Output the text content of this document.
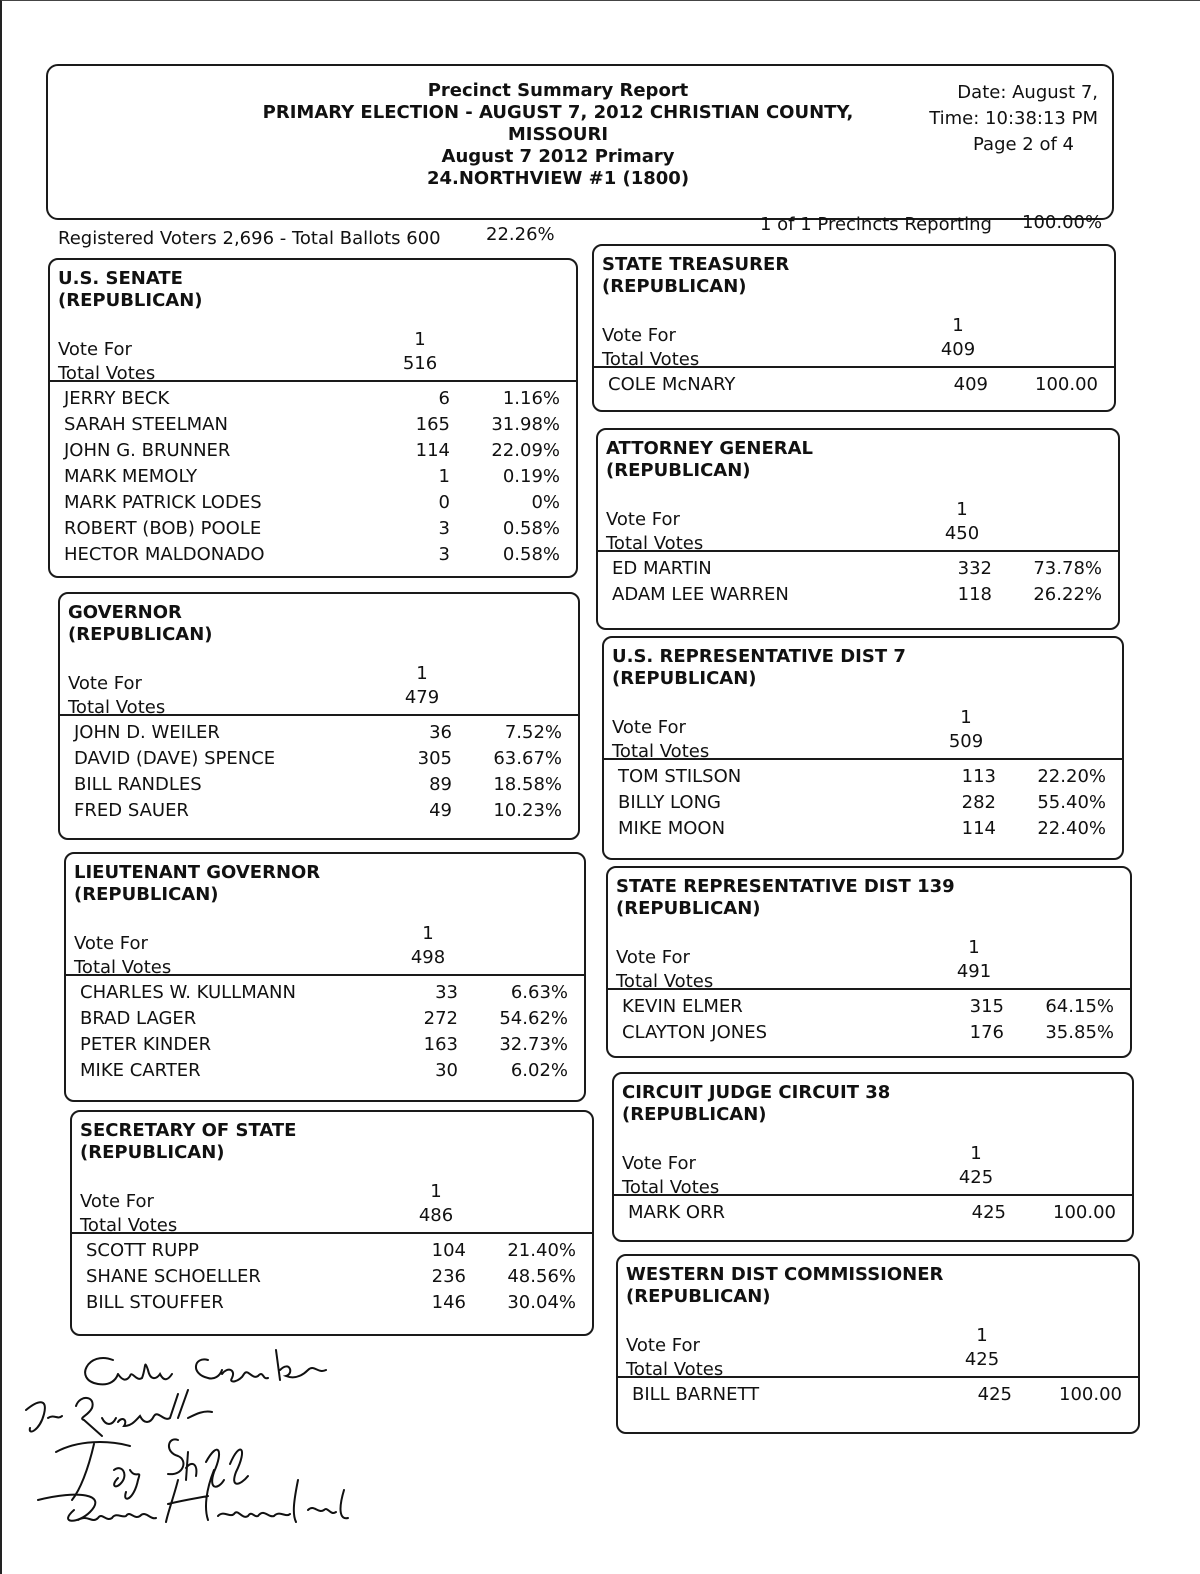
Precinct Summary Report
PRIMARY ELECTION - AUGUST 7, 2012 CHRISTIAN COUNTY,
MISSOURI
August 7 2012 Primary
24.NORTHVIEW #1 (1800)
Date: August 7,
Time: 10:38:13 PM
Page 2 of 4
Registered Voters 2,696 - Total Ballots 600	22.26%	1 of 1 Precincts Reporting 100.00%
U.S. SENATE
(REPUBLICAN)
Vote For
Total Votes
1
516
JERRY BECK	6	1.16%
SARAH STEELMAN	165	31.98%
JOHN G. BRUNNER	114	22.09%
MARK MEMOLY	1	0.19%
MARK PATRICK LODES	0	0%
ROBERT (BOB) POOLE	3	0.58%
HECTOR MALDONADO	3	0.58%
GOVERNOR
(REPUBLICAN)
Vote For
Total Votes
1
479
JOHN D. WEILER	36	7.52%
DAVID (DAVE) SPENCE	305	63.67%
BILL RANDLES	89	18.58%
FRED SAUER	49	10.23%
LIEUTENANT GOVERNOR
(REPUBLICAN)
Vote For
Total Votes
1
498
CHARLES W. KULLMANN	33	6.63%
BRAD LAGER	272	54.62%
PETER KINDER	163	32.73%
MIKE CARTER	30	6.02%
SECRETARY OF STATE
(REPUBLICAN)
Vote For
Total Votes
1
486
SCOTT RUPP	104	21.40%
SHANE SCHOELLER	236	48.56%
BILL STOUFFER	146	30.04%
STATE TREASURER
(REPUBLICAN)
Vote For
Total Votes
1
409
COLE McNARY	409	100.00
ATTORNEY GENERAL
(REPUBLICAN)
Vote For
Total Votes
1
450
ED MARTIN	332	73.78%
ADAM LEE WARREN	118	26.22%
U.S. REPRESENTATIVE DIST 7
(REPUBLICAN)
Vote For
Total Votes
1
509
TOM STILSON	113	22.20%
BILLY LONG	282	55.40%
MIKE MOON	114	22.40%
STATE REPRESENTATIVE DIST 139
(REPUBLICAN)
Vote For
Total Votes
1
491
KEVIN ELMER	315	64.15%
CLAYTON JONES	176	35.85%
CIRCUIT JUDGE CIRCUIT 38
(REPUBLICAN)
Vote For
Total Votes
1
425
MARK ORR	425	100.00
WESTERN DIST COMMISSIONER
(REPUBLICAN)
Vote For
Total Votes
1
425
BILL BARNETT	425	100.00
